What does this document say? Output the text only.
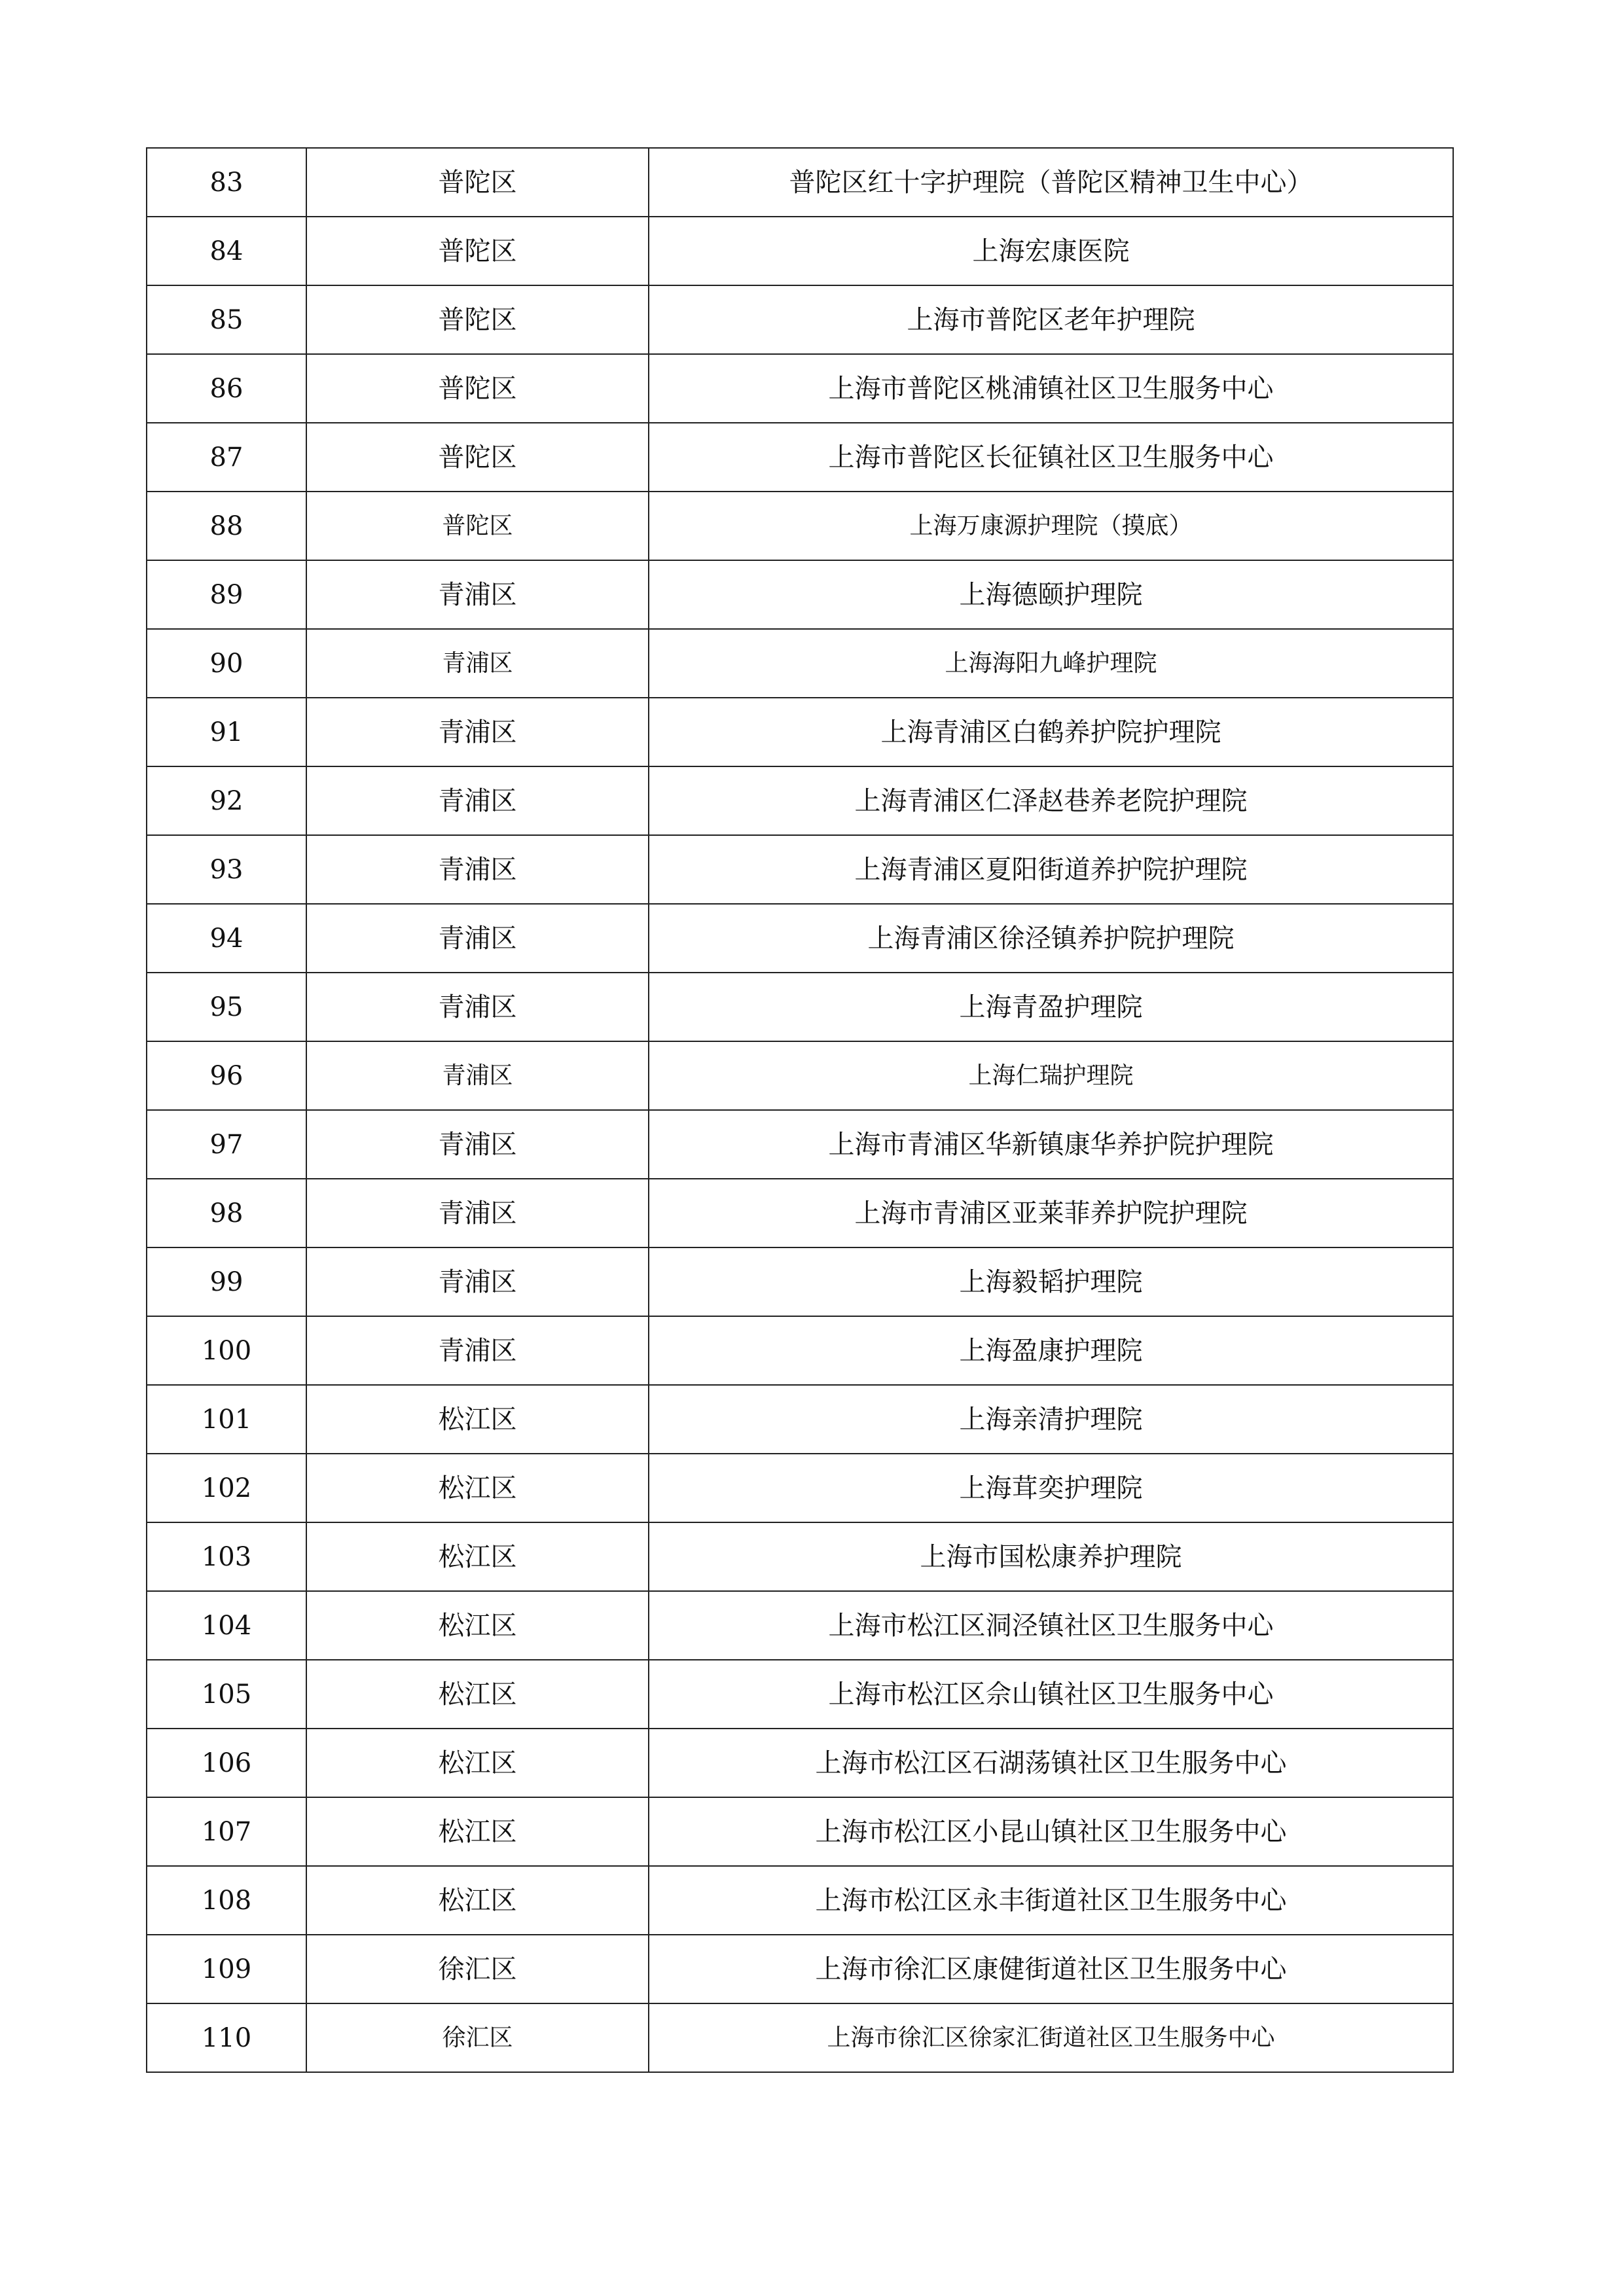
83	普陀区	普陀区红十字护理院（普陀区精神卫生中心）
84	普陀区	上海宏康医院
85	普陀区	上海市普陀区老年护理院
86	普陀区	上海市普陀区桃浦镇社区卫生服务中心
87	普陀区	上海市普陀区长征镇社区卫生服务中心
88	普陀区	上海万康源护理院（摸底）
89	青浦区	上海德颐护理院
90	青浦区	上海海阳九峰护理院
91	青浦区	上海青浦区白鹤养护院护理院
92	青浦区	上海青浦区仁泽赵巷养老院护理院
93	青浦区	上海青浦区夏阳街道养护院护理院
94	青浦区	上海青浦区徐泾镇养护院护理院
95	青浦区	上海青盈护理院
96	青浦区	上海仁瑞护理院
97	青浦区	上海市青浦区华新镇康华养护院护理院
98	青浦区	上海市青浦区亚莱菲养护院护理院
99	青浦区	上海毅韬护理院
100	青浦区	上海盈康护理院
101	松江区	上海亲清护理院
102	松江区	上海茸奕护理院
103	松江区	上海市国松康养护理院
104	松江区	上海市松江区洞泾镇社区卫生服务中心
105	松江区	上海市松江区佘山镇社区卫生服务中心
106	松江区	上海市松江区石湖荡镇社区卫生服务中心
107	松江区	上海市松江区小昆山镇社区卫生服务中心
108	松江区	上海市松江区永丰街道社区卫生服务中心
109	徐汇区	上海市徐汇区康健街道社区卫生服务中心
110	徐汇区	上海市徐汇区徐家汇街道社区卫生服务中心
